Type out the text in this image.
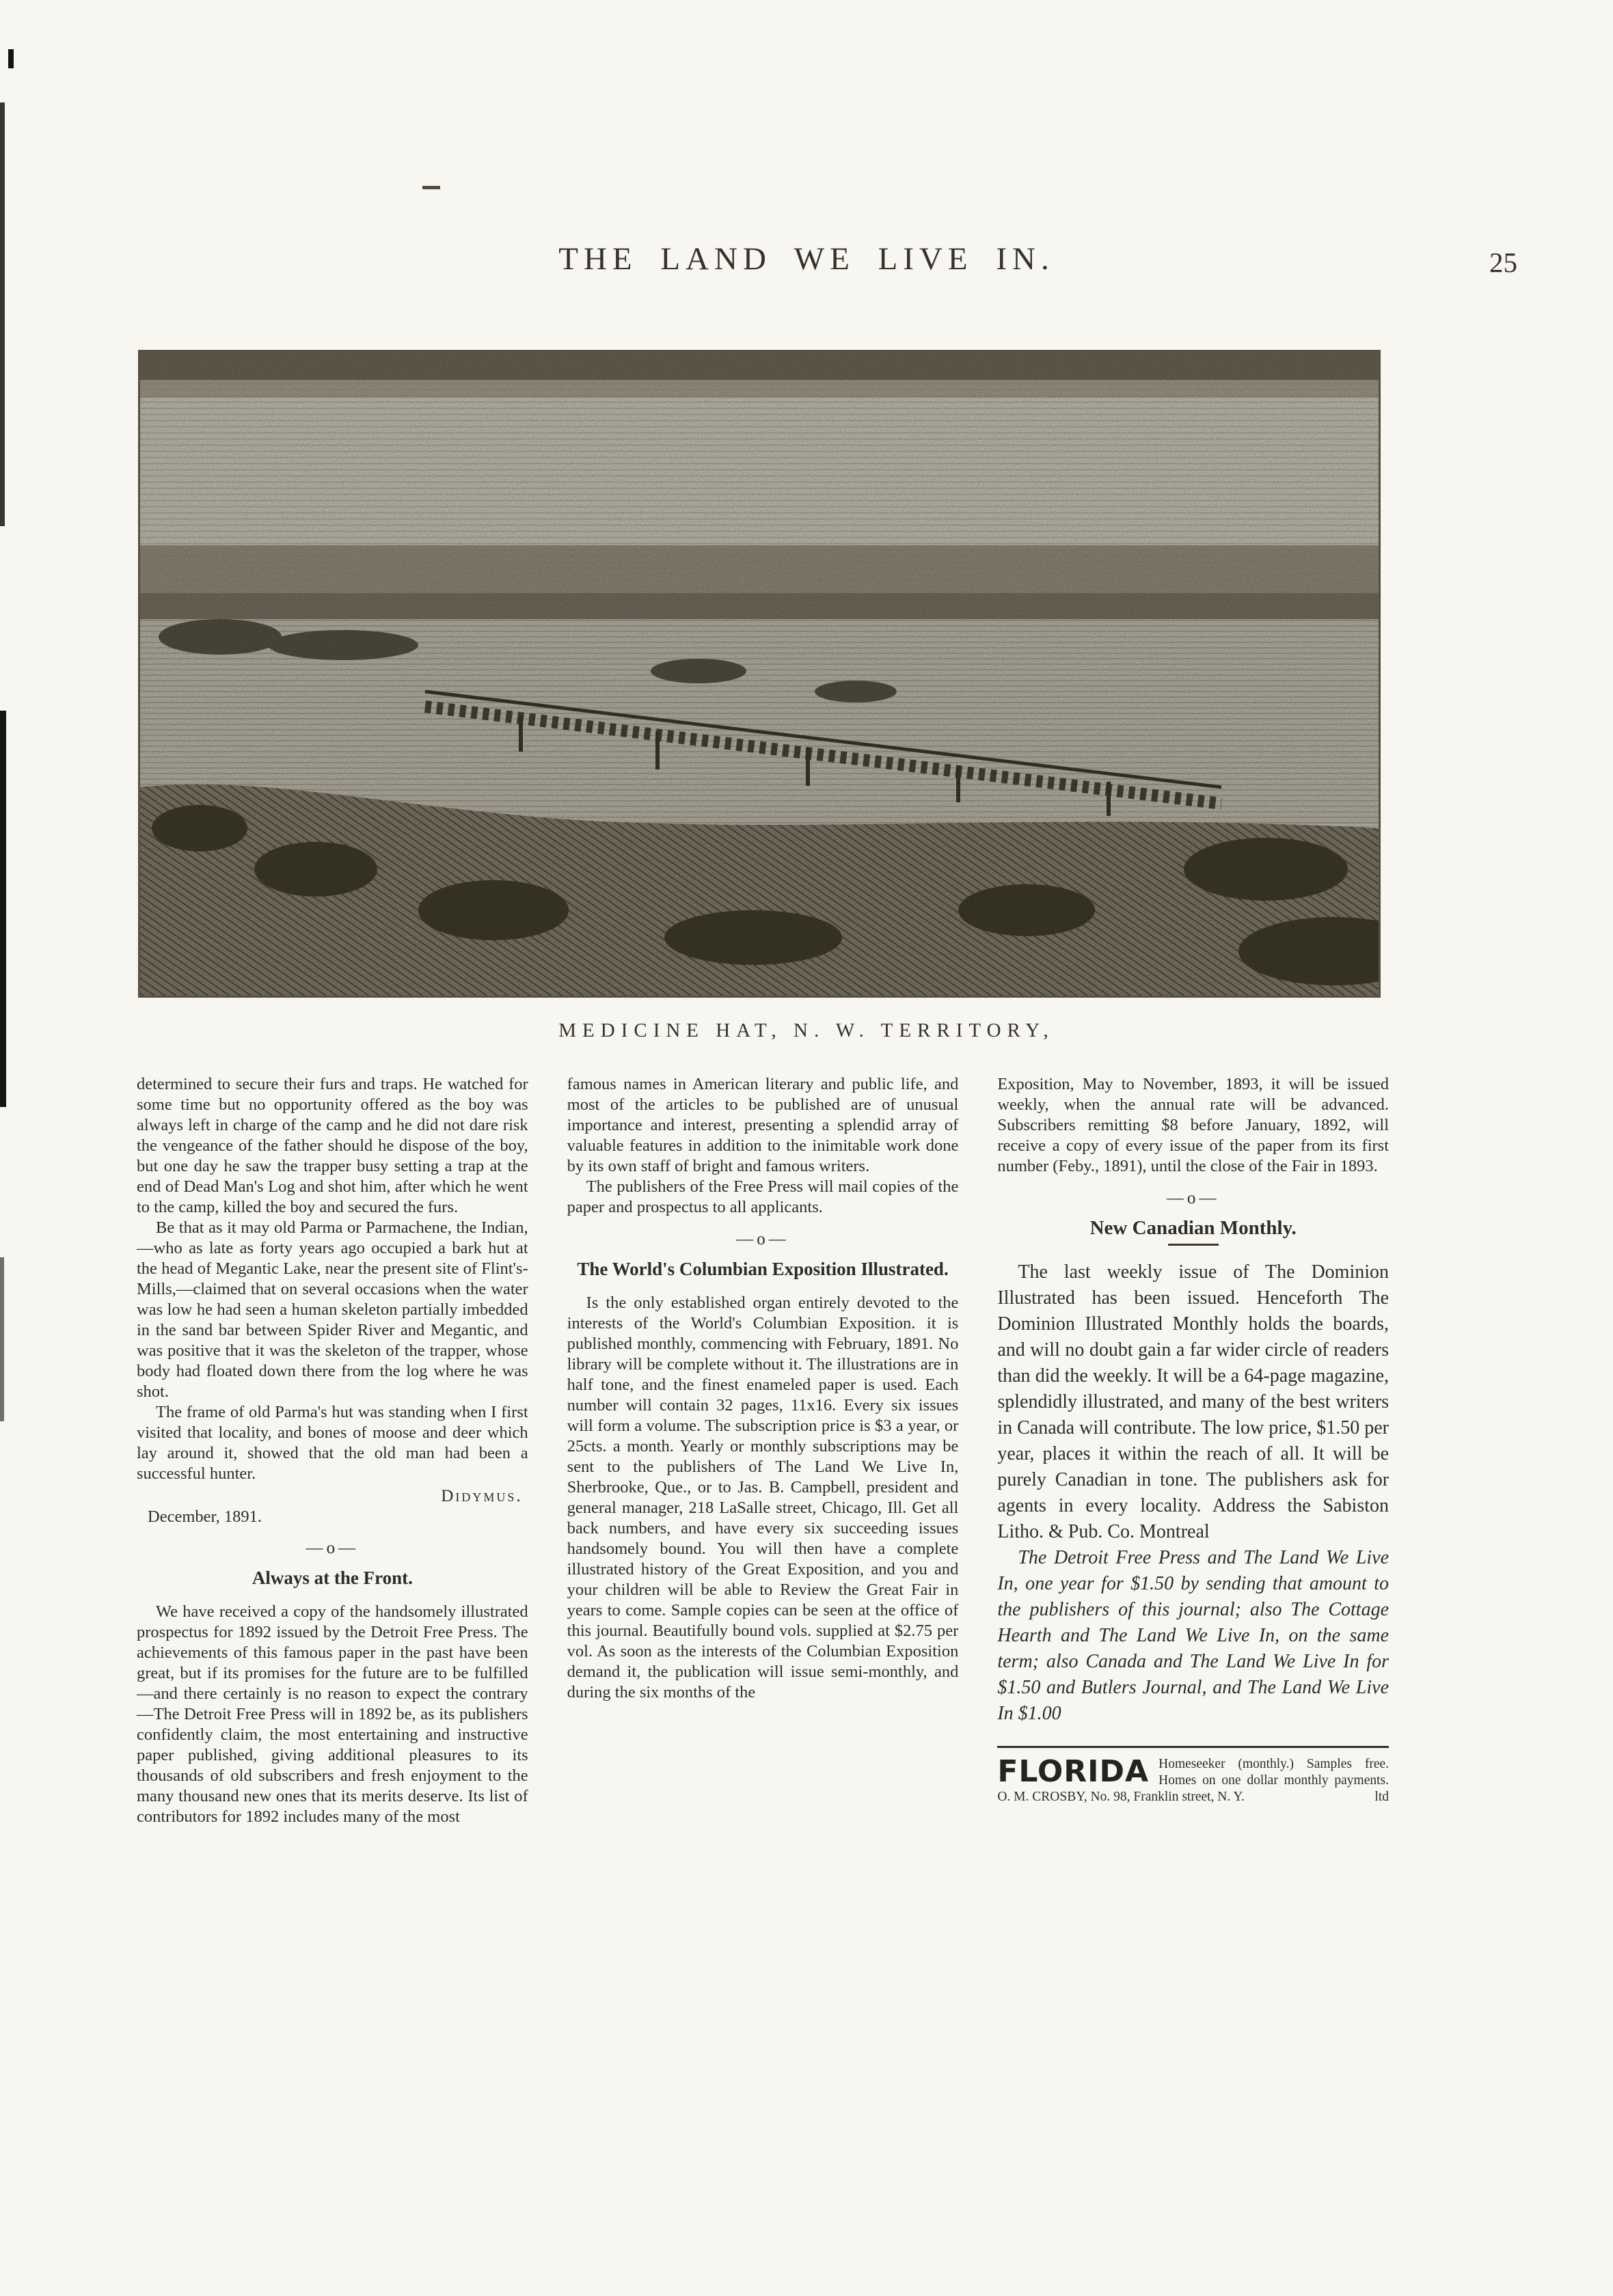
THE LAND WE LIVE IN.	25
MEDICINE HAT, N. W. TERRITORY,

determined to secure their furs and traps. He watched for some time but no opportunity offered as the boy was always left in charge of the camp and he did not dare risk the vengeance of the father should he dispose of the boy, but one day he saw the trapper busy setting a trap at the end of Dead Man's Log and shot him, after which he went to the camp, killed the boy and secured the furs.

Be that as it may old Parma or Parmachene, the Indian,—who as late as forty years ago occupied a bark hut at the head of Megantic Lake, near the present site of Flint's-Mills,—claimed that on several occasions when the water was low he had seen a human skeleton partially imbedded in the sand bar between Spider River and Megantic, and was positive that it was the skeleton of the trapper, whose body had floated down there from the log where he was shot.

The frame of old Parma's hut was standing when I first visited that locality, and bones of moose and deer which lay around it, showed that the old man had been a successful hunter.

Didymus.

December, 1891.

—o—

Always at the Front.

We have received a copy of the handsomely illustrated prospectus for 1892 issued by the Detroit Free Press. The achievements of this famous paper in the past have been great, but if its promises for the future are to be fulfilled—and there certainly is no reason to expect the contrary—The Detroit Free Press will in 1892 be, as its publishers confidently claim, the most entertaining and instructive paper published, giving additional pleasures to its thousands of old subscribers and fresh enjoyment to the many thousand new ones that its merits deserve. Its list of contributors for 1892 includes many of the most

famous names in American literary and public life, and most of the articles to be published are of unusual importance and interest, presenting a splendid array of valuable features in addition to the inimitable work done by its own staff of bright and famous writers.

The publishers of the Free Press will mail copies of the paper and prospectus to all applicants.

—o—

The World's Columbian Exposition Illustrated.

Is the only established organ entirely devoted to the interests of the World's Columbian Exposition. it is published monthly, commencing with February, 1891. No library will be complete without it. The illustrations are in half tone, and the finest enameled paper is used. Each number will contain 32 pages, 11x16. Every six issues will form a volume. The subscription price is $3 a year, or 25cts. a month. Yearly or monthly subscriptions may be sent to the publishers of The Land We Live In, Sherbrooke, Que., or to Jas. B. Campbell, president and general manager, 218 LaSalle street, Chicago, Ill. Get all back numbers, and have every six succeeding issues handsomely bound. You will then have a complete illustrated history of the Great Exposition, and you and your children will be able to Review the Great Fair in years to come. Sample copies can be seen at the office of this journal. Beautifully bound vols. supplied at $2.75 per vol. As soon as the interests of the Columbian Exposition demand it, the publication will issue semi-monthly, and during the six months of the

Exposition, May to November, 1893, it will be issued weekly, when the annual rate will be advanced. Subscribers remitting $8 before January, 1892, will receive a copy of every issue of the paper from its first number (Feby., 1891), until the close of the Fair in 1893.

—o—

New Canadian Monthly.

The last weekly issue of The Dominion Illustrated has been issued. Henceforth The Dominion Illustrated Monthly holds the boards, and will no doubt gain a far wider circle of readers than did the weekly. It will be a 64-page magazine, splendidly illustrated, and many of the best writers in Canada will contribute. The low price, $1.50 per year, places it within the reach of all. It will be purely Canadian in tone. The publishers ask for agents in every locality. Address the Sabiston Litho. & Pub. Co. Montreal

The Detroit Free Press and The Land We Live In, one year for $1.50 by sending that amount to the publishers of this journal; also The Cottage Hearth and The Land We Live In, on the same term; also Canada and The Land We Live In for $1.50 and Butlers Journal, and The Land We Live In $1.00

FLORIDA Homeseeker (monthly.) Samples free. Homes on one dollar monthly payments. O. M. CROSBY, No. 98, Franklin street, N. Y.	ltd
